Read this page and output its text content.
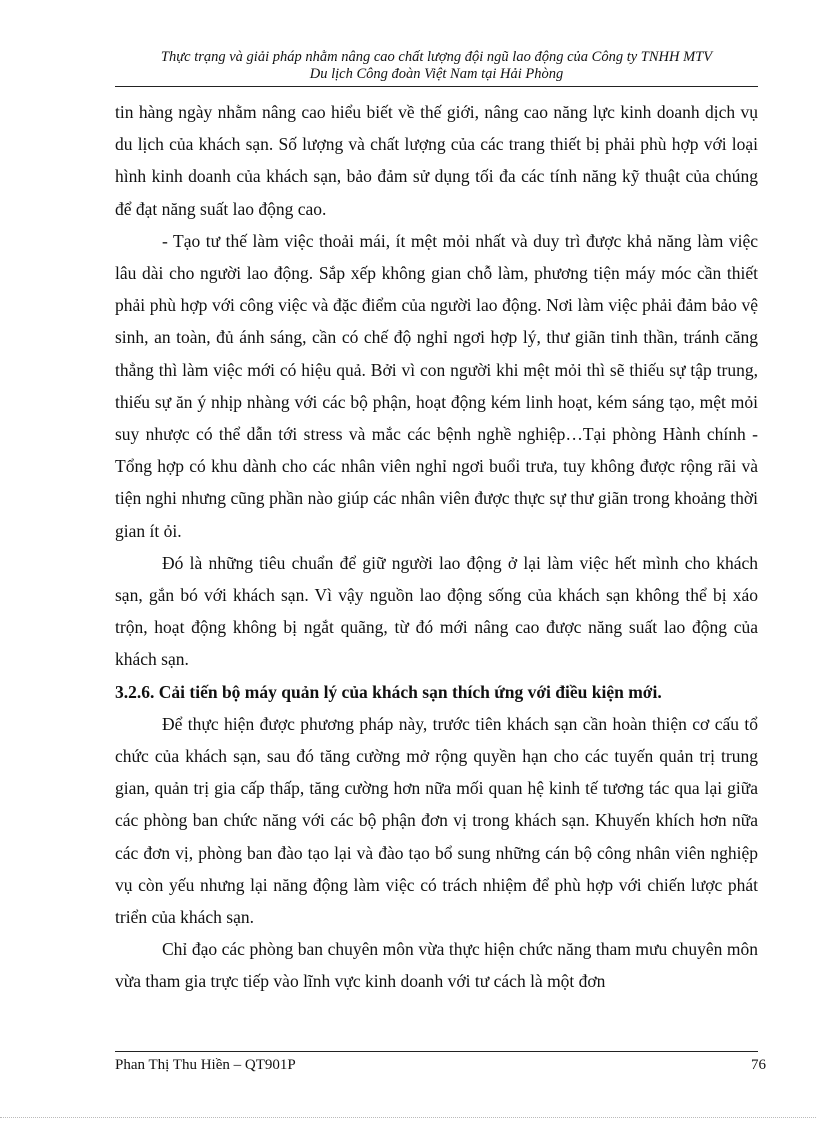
Thực trạng và giải pháp nhằm nâng cao chất lượng đội ngũ lao động của Công ty TNHH MTV
Du lịch Công đoàn Việt Nam tại Hải Phòng

tin hàng ngày nhằm nâng cao hiểu biết về thế giới, nâng cao năng lực kinh doanh dịch vụ du lịch của khách sạn. Số lượng và chất lượng của các trang thiết bị phải phù hợp với loại hình kinh doanh của khách sạn, bảo đảm sử dụng tối đa các tính năng kỹ thuật của chúng để đạt năng suất lao động cao.

- Tạo tư thế làm việc thoải mái, ít mệt mỏi nhất và duy trì được khả năng làm việc lâu dài cho người lao động. Sắp xếp không gian chỗ làm, phương tiện máy móc cần thiết phải phù hợp với công việc và đặc điểm của người lao động. Nơi làm việc phải đảm bảo vệ sinh, an toàn, đủ ánh sáng, cần có chế độ nghỉ ngơi hợp lý, thư giãn tinh thần, tránh căng thẳng thì làm việc mới có hiệu quả. Bởi vì con người khi mệt mỏi thì sẽ thiếu sự tập trung, thiếu sự ăn ý nhịp nhàng với các bộ phận, hoạt động kém linh hoạt, kém sáng tạo, mệt mỏi suy nhược có thể dẫn tới stress và mắc các bệnh nghề nghiệp…Tại phòng Hành chính -Tổng hợp có khu dành cho các nhân viên nghỉ ngơi buổi trưa, tuy không được rộng rãi và tiện nghi nhưng cũng phần nào giúp các nhân viên được thực sự thư giãn trong khoảng thời gian ít ỏi.

Đó là những tiêu chuẩn để giữ người lao động ở lại làm việc hết mình cho khách sạn, gắn bó với khách sạn. Vì vậy nguồn lao động sống của khách sạn không thể bị xáo trộn, hoạt động không bị ngắt quãng, từ đó mới nâng cao được năng suất lao động của khách sạn.

3.2.6. Cải tiến bộ máy quản lý của khách sạn thích ứng với điều kiện mới.

Để thực hiện được phương pháp này, trước tiên khách sạn cần hoàn thiện cơ cấu tổ chức của khách sạn, sau đó tăng cường mở rộng quyền hạn cho các tuyến quản trị trung gian, quản trị gia cấp thấp, tăng cường hơn nữa mối quan hệ kinh tế tương tác qua lại giữa các phòng ban chức năng với các bộ phận đơn vị trong khách sạn. Khuyến khích hơn nữa các đơn vị, phòng ban đào tạo lại và đào tạo bổ sung những cán bộ công nhân viên nghiệp vụ còn yếu nhưng lại năng động làm việc có trách nhiệm để phù hợp với chiến lược phát triển của khách sạn.

Chỉ đạo các phòng ban chuyên môn vừa thực hiện chức năng tham mưu chuyên môn vừa tham gia trực tiếp vào lĩnh vực kinh doanh với tư cách là một đơn

Phan Thị Thu Hiền – QT901P	76
